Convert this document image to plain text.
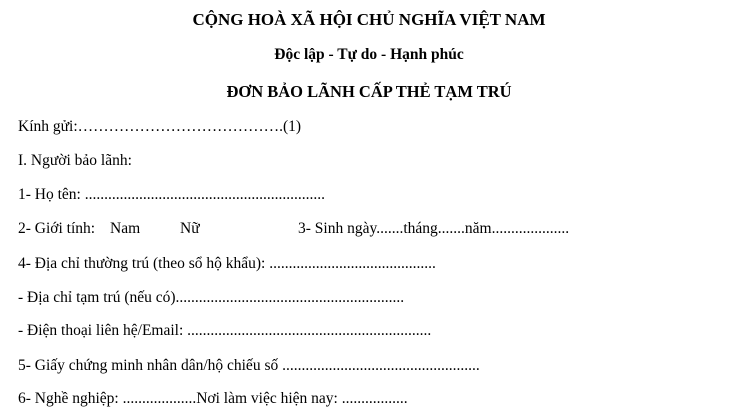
CỘNG HOÀ XÃ HỘI CHỦ NGHĨA VIỆT NAM
Độc lập - Tự do - Hạnh phúc
ĐƠN BẢO LÃNH CẤP THẺ TẠM TRÚ
Kính gửi:………………………………….(1)
I. Người bảo lãnh:
1- Họ tên: ..............................................................
2- Giới tính: Nam	Nữ	3- Sinh ngày.......tháng.......năm....................
4- Địa chỉ thường trú (theo sổ hộ khẩu): ...........................................
- Địa chỉ tạm trú (nếu có)...........................................................
- Điện thoại liên hệ/Email: ...............................................................
5- Giấy chứng minh nhân dân/hộ chiếu số ...................................................
6- Nghề nghiệp: ...................Nơi làm việc hiện nay: .................
